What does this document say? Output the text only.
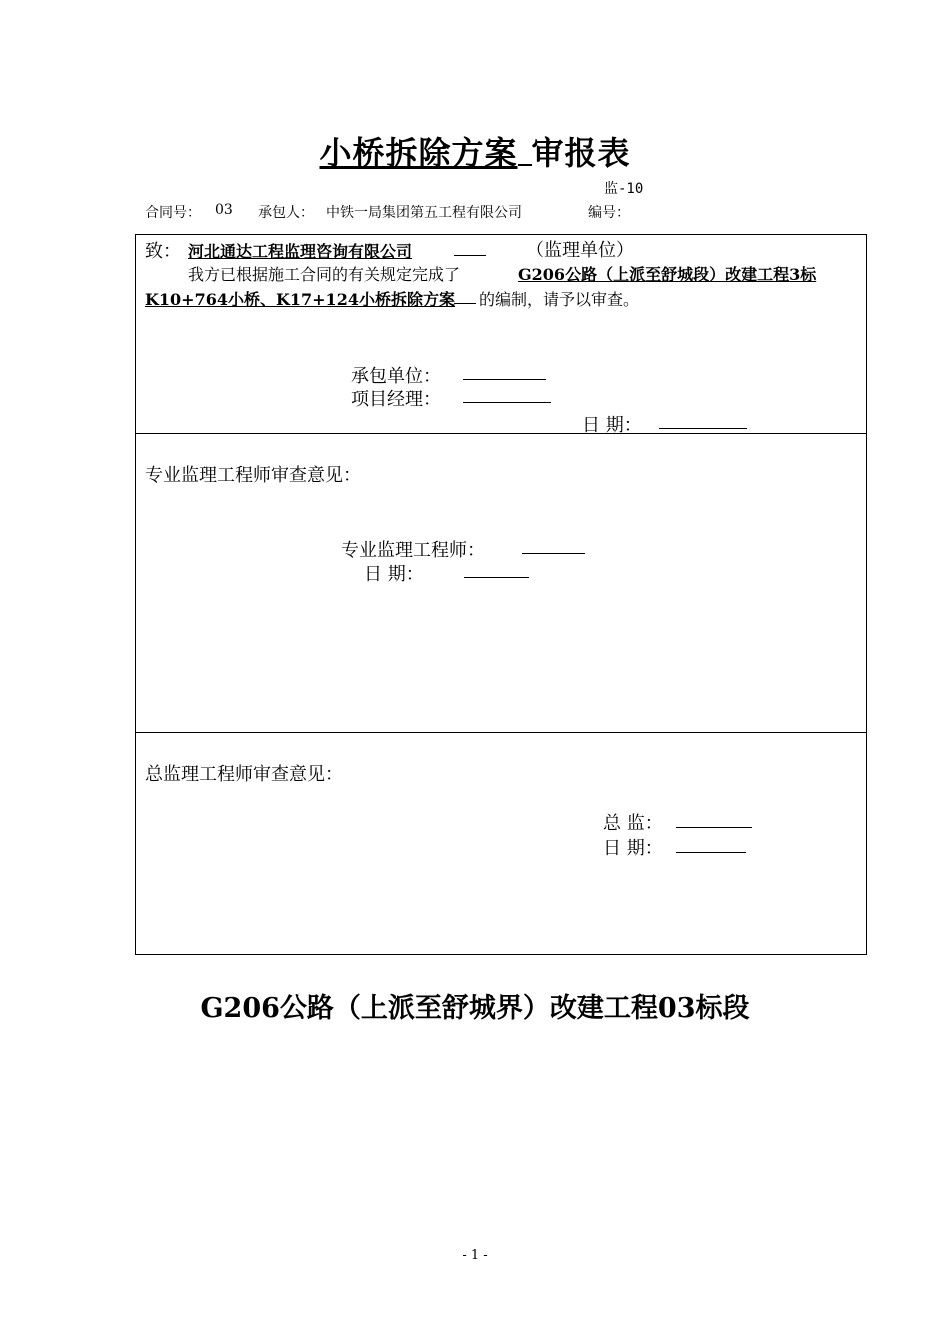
小桥拆除方案 审报表
监-10
合同号： 03 承包人： 中铁一局集团第五工程有限公司	编号：
致： 河北通达工程监理咨询有限公司	（监理单位）
我方已根据施工合同的有关规定完成了	G206公路（上派至舒城段）改建工程3标
K10+764小桥、K17+124小桥拆除方案 的编制，请予以审查。
承包单位：
项目经理：
日 期：
专业监理工程师审查意见：
专业监理工程师：
日 期：
总监理工程师审查意见：
总 监：
日 期：
G206公路（上派至舒城界）改建工程03标段
- 1 -
